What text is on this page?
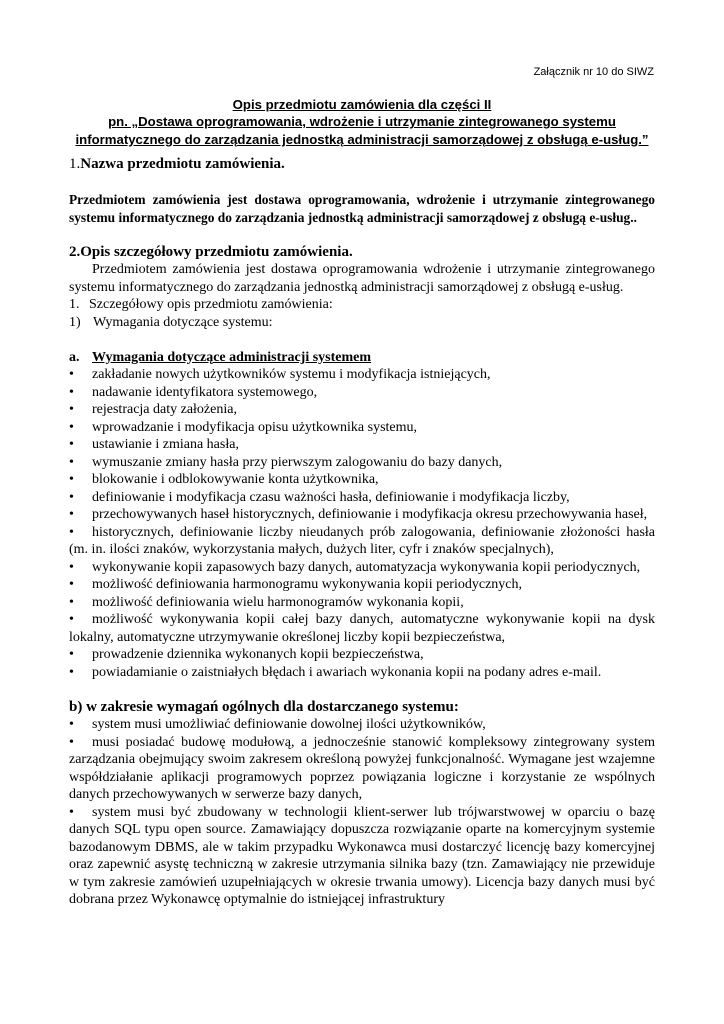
Załącznik nr 10 do SIWZ
Opis przedmiotu zamówienia dla części II
pn. „Dostawa oprogramowania, wdrożenie i utrzymanie zintegrowanego systemu
informatycznego do zarządzania jednostką administracji samorządowej z obsługą e-usług.”
1.Nazwa przedmiotu zamówienia.
Przedmiotem zamówienia jest dostawa oprogramowania, wdrożenie i utrzymanie zintegrowanego systemu informatycznego do zarządzania jednostką administracji samorządowej z obsługą e-usług..
2.Opis szczegółowy przedmiotu zamówienia.
Przedmiotem zamówienia jest dostawa oprogramowania wdrożenie i utrzymanie zintegrowanego systemu informatycznego do zarządzania jednostką administracji samorządowej z obsługą e-usług.
1. Szczegółowy opis przedmiotu zamówienia:
1) Wymagania dotyczące systemu:
a. Wymagania dotyczące administracji systemem
•	zakładanie nowych użytkowników systemu i modyfikacja istniejących,
•	nadawanie identyfikatora systemowego,
•	rejestracja daty założenia,
•	wprowadzanie i modyfikacja opisu użytkownika systemu,
•	ustawianie i zmiana hasła,
•	wymuszanie zmiany hasła przy pierwszym zalogowaniu do bazy danych,
•	blokowanie i odblokowywanie konta użytkownika,
•	definiowanie i modyfikacja czasu ważności hasła, definiowanie i modyfikacja liczby,
• przechowywanych haseł historycznych, definiowanie i modyfikacja okresu przechowywania haseł,
• historycznych, definiowanie liczby nieudanych prób zalogowania, definiowanie złożoności hasła (m. in. ilości znaków, wykorzystania małych, dużych liter, cyfr i znaków specjalnych),
• wykonywanie kopii zapasowych bazy danych, automatyzacja wykonywania kopii periodycznych,
•	możliwość definiowania harmonogramu wykonywania kopii periodycznych,
•	możliwość definiowania wielu harmonogramów wykonania kopii,
• możliwość wykonywania kopii całej bazy danych, automatyczne wykonywanie kopii na dysk lokalny, automatyczne utrzymywanie określonej liczby kopii bezpieczeństwa,
•	prowadzenie dziennika wykonanych kopii bezpieczeństwa,
•	powiadamianie o zaistniałych błędach i awariach wykonania kopii na podany adres e-mail.
b) w zakresie wymagań ogólnych dla dostarczanego systemu:
•	system musi umożliwiać definiowanie dowolnej ilości użytkowników,
• musi posiadać budowę modułową, a jednocześnie stanowić kompleksowy zintegrowany system zarządzania obejmujący swoim zakresem określoną powyżej funkcjonalność. Wymagane jest wzajemne współdziałanie aplikacji programowych poprzez powiązania logiczne i korzystanie ze wspólnych danych przechowywanych w serwerze bazy danych,
• system musi być zbudowany w technologii klient-serwer lub trójwarstwowej w oparciu o bazę danych SQL typu open source. Zamawiający dopuszcza rozwiązanie oparte na komercyjnym systemie bazodanowym DBMS, ale w takim przypadku Wykonawca musi dostarczyć licencję bazy komercyjnej oraz zapewnić asystę techniczną w zakresie utrzymania silnika bazy (tzn. Zamawiający nie przewiduje w tym zakresie zamówień uzupełniających w okresie trwania umowy). Licencja bazy danych musi być dobrana przez Wykonawcę optymalnie do istniejącej infrastruktury
